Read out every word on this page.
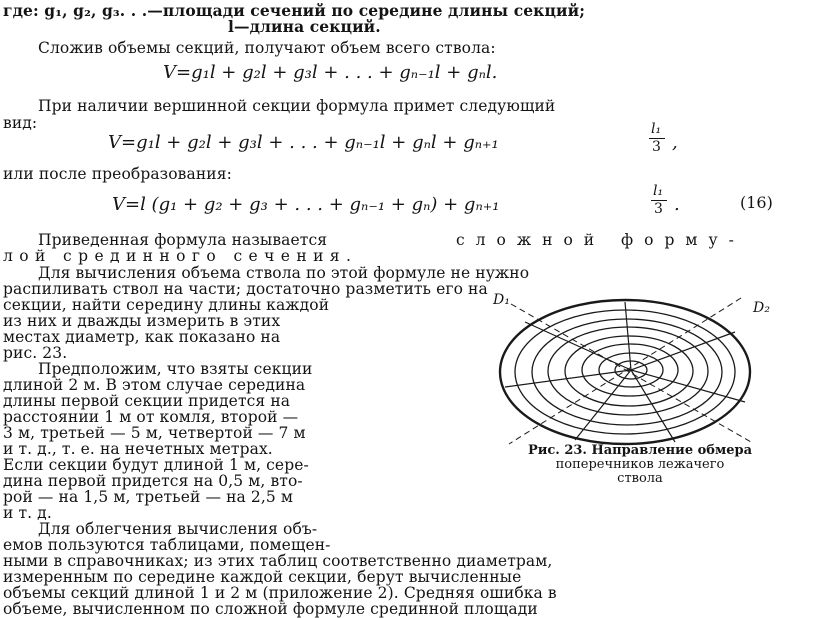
где: g₁, g₂, g₃. . .—площади сечений по середине длины секций;
l—длина секций.
Сложив объемы секций, получают объем всего ствола:
V=g₁l + g₂l + g₃l + . . . + gₙ₋₁l + gₙl.
При наличии вершинной секции формула примет следующий
вид:
V=g₁l + g₂l + g₃l + . . . + gₙ₋₁l + gₙl + gₙ₊₁
l₁
3 ,
или после преобразования:
V=l (g₁ + g₂ + g₃ + . . . + gₙ₋₁ + gₙ) + gₙ₊₁
l₁
3 .	(16)
Приведенная формула называется	сложной форму-
лой срединного сечения.
Для вычисления объема ствола по этой формуле не нужно
распиливать ствол на части; достаточно разметить его на
секции, найти середину длины каждой
из них и дважды измерить в этих
местах диаметр, как показано на
рис. 23.
Предположим, что взяты секции
длиной 2 м. В этом случае середина
длины первой секции придется на
расстоянии 1 м от комля, второй —
3 м, третьей — 5 м, четвертой — 7 м
и т. д., т. е. на нечетных метрах.
Если секции будут длиной 1 м, сере-
дина первой придется на 0,5 м, вто-
рой — на 1,5 м, третьей — на 2,5 м
и т. д.
Для облегчения вычисления объ-
емов пользуются таблицами, помещен-
ными в справочниках; из этих таблиц соответственно диаметрам,
измеренным по середине каждой секции, берут вычисленные
объемы секций длиной 1 и 2 м (приложение 2). Средняя ошибка в
D₁	D₂
Рис. 23. Направление обмера
поперечников лежачего
ствола
объеме, вычисленном по сложной формуле срединной площади
